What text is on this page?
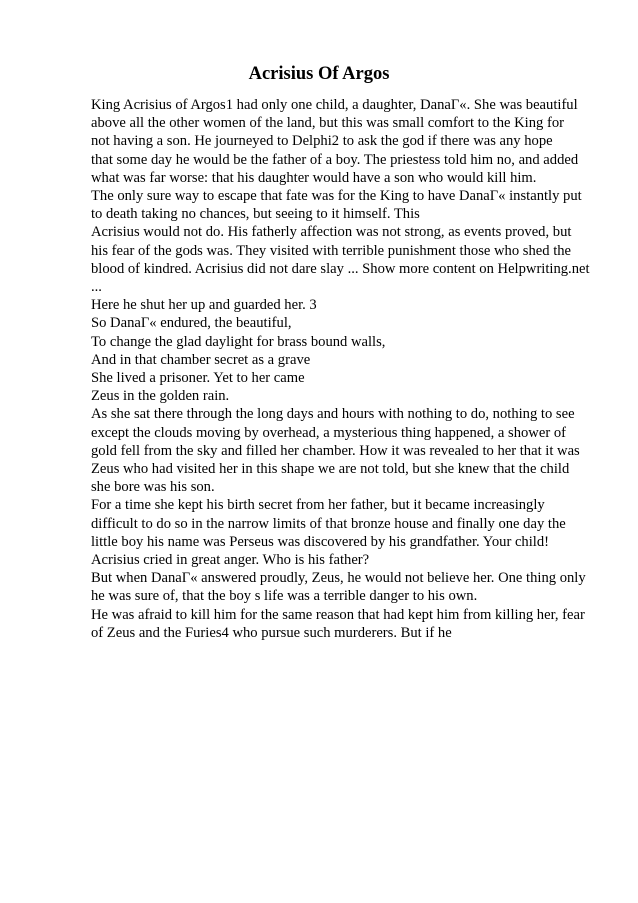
Acrisius Of Argos
King Acrisius of Argos1 had only one child, a daughter, DanaΓ«. She was beautiful
above all the other women of the land, but this was small comfort to the King for
not having a son. He journeyed to Delphi2 to ask the god if there was any hope
that some day he would be the father of a boy. The priestess told him no, and added
what was far worse: that his daughter would have a son who would kill him.
The only sure way to escape that fate was for the King to have DanaΓ« instantly put
to death taking no chances, but seeing to it himself. This
Acrisius would not do. His fatherly affection was not strong, as events proved, but
his fear of the gods was. They visited with terrible punishment those who shed the
blood of kindred. Acrisius did not dare slay ... Show more content on Helpwriting.net
...
Here he shut her up and guarded her. 3
So DanaΓ« endured, the beautiful,
To change the glad daylight for brass bound walls,
And in that chamber secret as a grave
She lived a prisoner. Yet to her came
Zeus in the golden rain.
As she sat there through the long days and hours with nothing to do, nothing to see
except the clouds moving by overhead, a mysterious thing happened, a shower of
gold fell from the sky and filled her chamber. How it was revealed to her that it was
Zeus who had visited her in this shape we are not told, but she knew that the child
she bore was his son.
For a time she kept his birth secret from her father, but it became increasingly
difficult to do so in the narrow limits of that bronze house and finally one day the
little boy his name was Perseus was discovered by his grandfather. Your child!
Acrisius cried in great anger. Who is his father?
But when DanaΓ« answered proudly, Zeus, he would not believe her. One thing only
he was sure of, that the boy s life was a terrible danger to his own.
He was afraid to kill him for the same reason that had kept him from killing her, fear
of Zeus and the Furies4 who pursue such murderers. But if he
